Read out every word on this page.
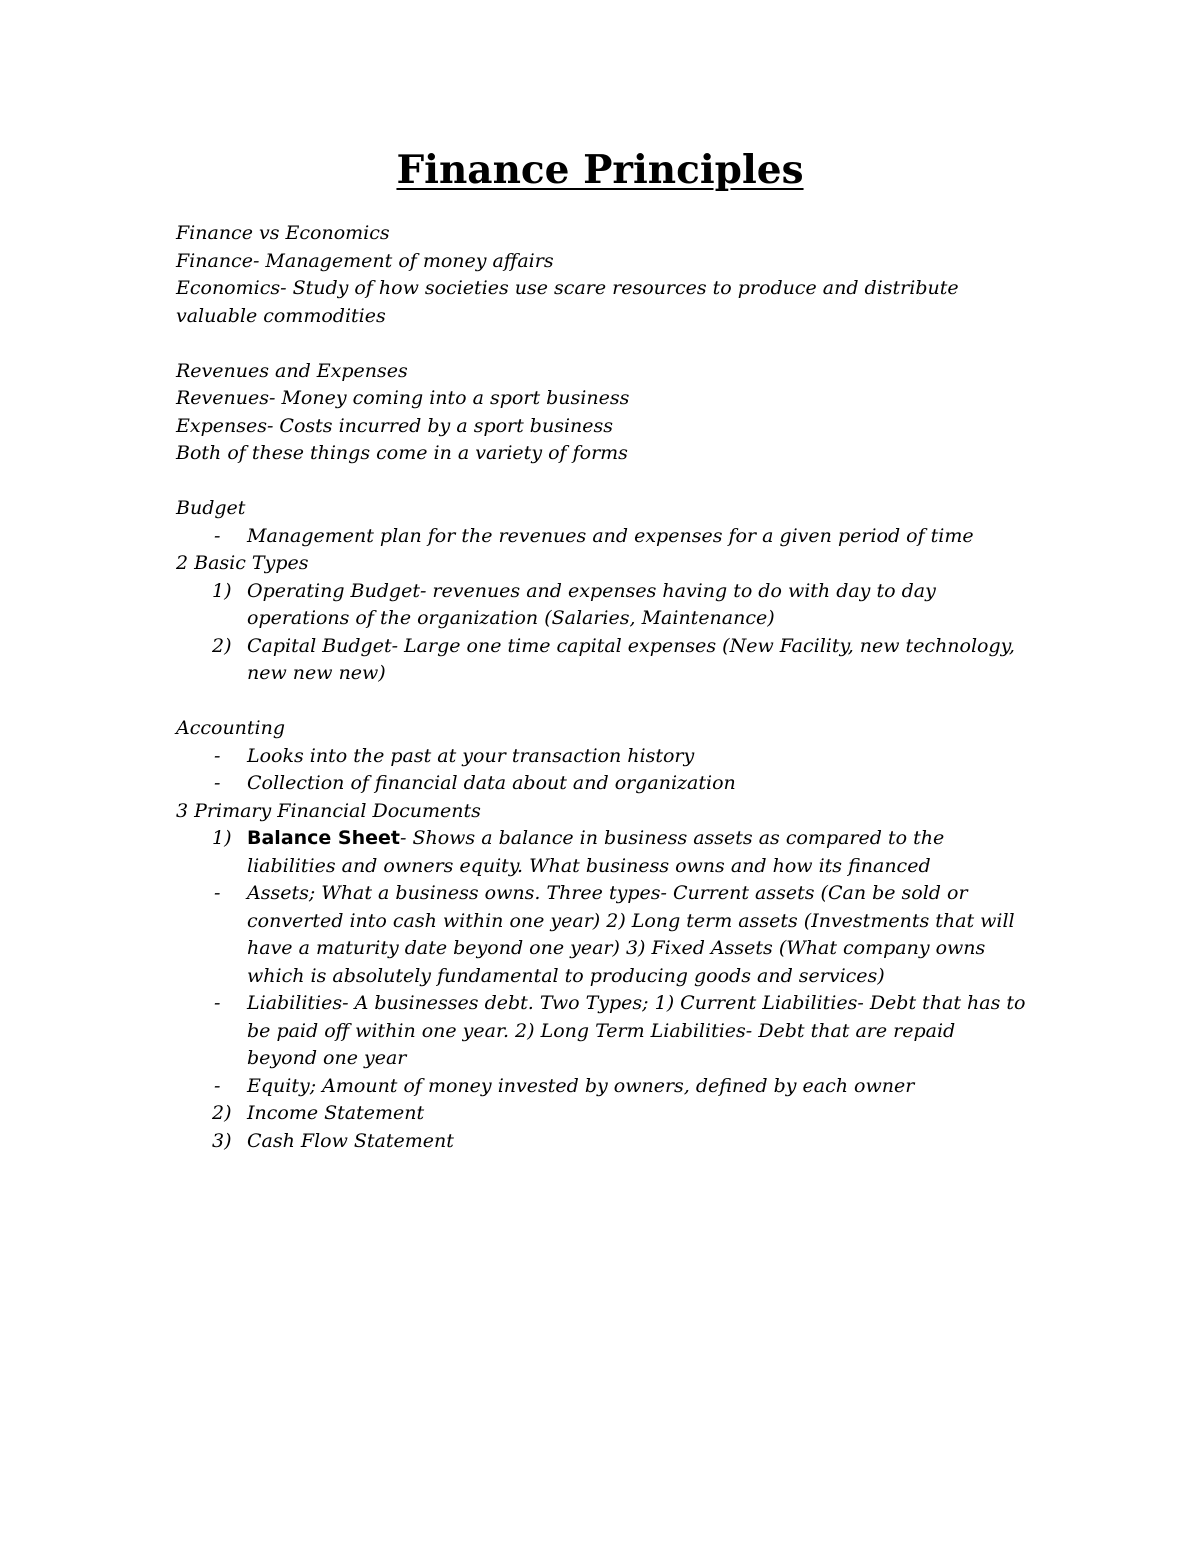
Finance Principles
Finance vs Economics
Finance- Management of money affairs
Economics- Study of how societies use scare resources to produce and distribute
valuable commodities
Revenues and Expenses
Revenues- Money coming into a sport business
Expenses- Costs incurred by a sport business
Both of these things come in a variety of forms
Budget
- Management plan for the revenues and expenses for a given period of time
2 Basic Types
1) Operating Budget- revenues and expenses having to do with day to day
operations of the organization (Salaries, Maintenance)
2) Capital Budget- Large one time capital expenses (New Facility, new technology,
new new new)
Accounting
- Looks into the past at your transaction history
- Collection of financial data about and organization
3 Primary Financial Documents
1) Balance Sheet- Shows a balance in business assets as compared to the
liabilities and owners equity. What business owns and how its financed
- Assets; What a business owns. Three types- Current assets (Can be sold or
converted into cash within one year) 2) Long term assets (Investments that will
have a maturity date beyond one year) 3) Fixed Assets (What company owns
which is absolutely fundamental to producing goods and services)
- Liabilities- A businesses debt. Two Types; 1) Current Liabilities- Debt that has to
be paid off within one year. 2) Long Term Liabilities- Debt that are repaid
beyond one year
- Equity; Amount of money invested by owners, defined by each owner
2) Income Statement
3) Cash Flow Statement
